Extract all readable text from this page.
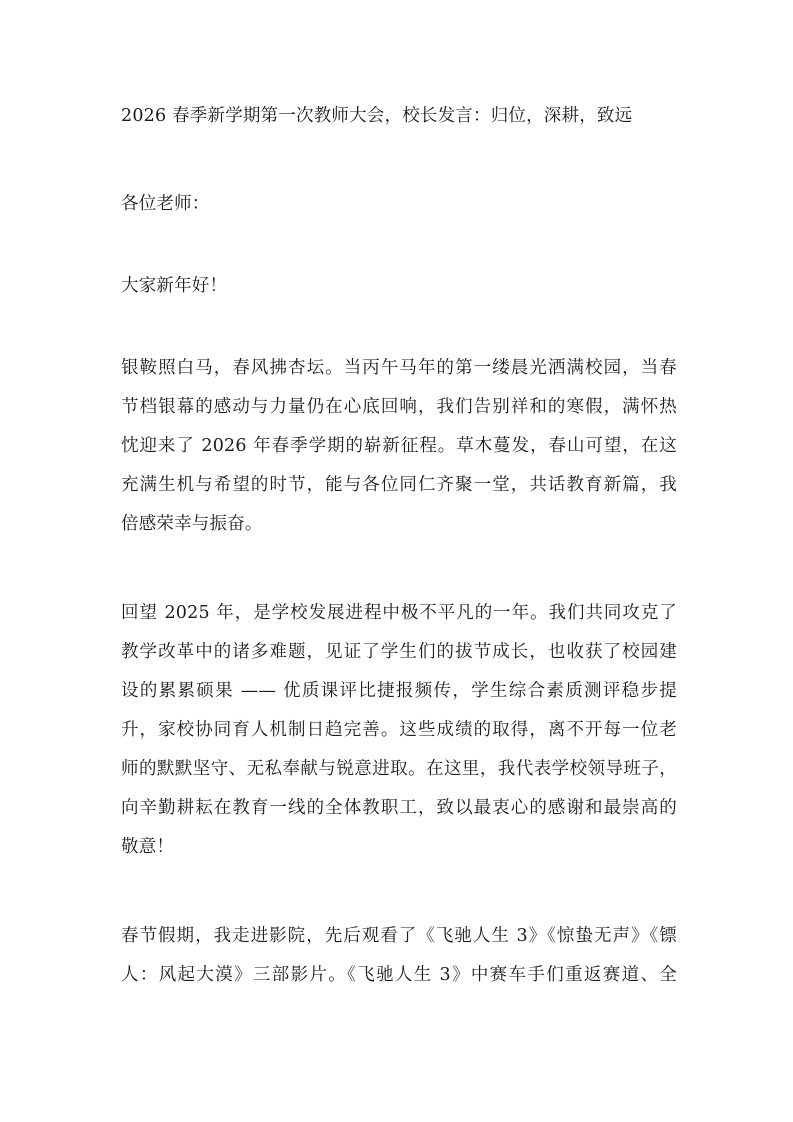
2026 春季新学期第一次教师大会，校长发言：归位，深耕，致远
各位老师：
大家新年好！
银鞍照白马，春风拂杏坛。当丙午马年的第一缕晨光洒满校园，当春
节档银幕的感动与力量仍在心底回响，我们告别祥和的寒假，满怀热
忱迎来了 2026 年春季学期的崭新征程。草木蔓发，春山可望，在这
充满生机与希望的时节，能与各位同仁齐聚一堂，共话教育新篇，我
倍感荣幸与振奋。
回望 2025 年，是学校发展进程中极不平凡的一年。我们共同攻克了
教学改革中的诸多难题，见证了学生们的拔节成长，也收获了校园建
设的累累硕果 —— 优质课评比捷报频传，学生综合素质测评稳步提
升，家校协同育人机制日趋完善。这些成绩的取得，离不开每一位老
师的默默坚守、无私奉献与锐意进取。在这里，我代表学校领导班子，
向辛勤耕耘在教育一线的全体教职工，致以最衷心的感谢和最崇高的
敬意！
春节假期，我走进影院，先后观看了《飞驰人生 3》《惊蛰无声》《镖
人：风起大漠》三部影片。《飞驰人生 3》中赛车手们重返赛道、全
